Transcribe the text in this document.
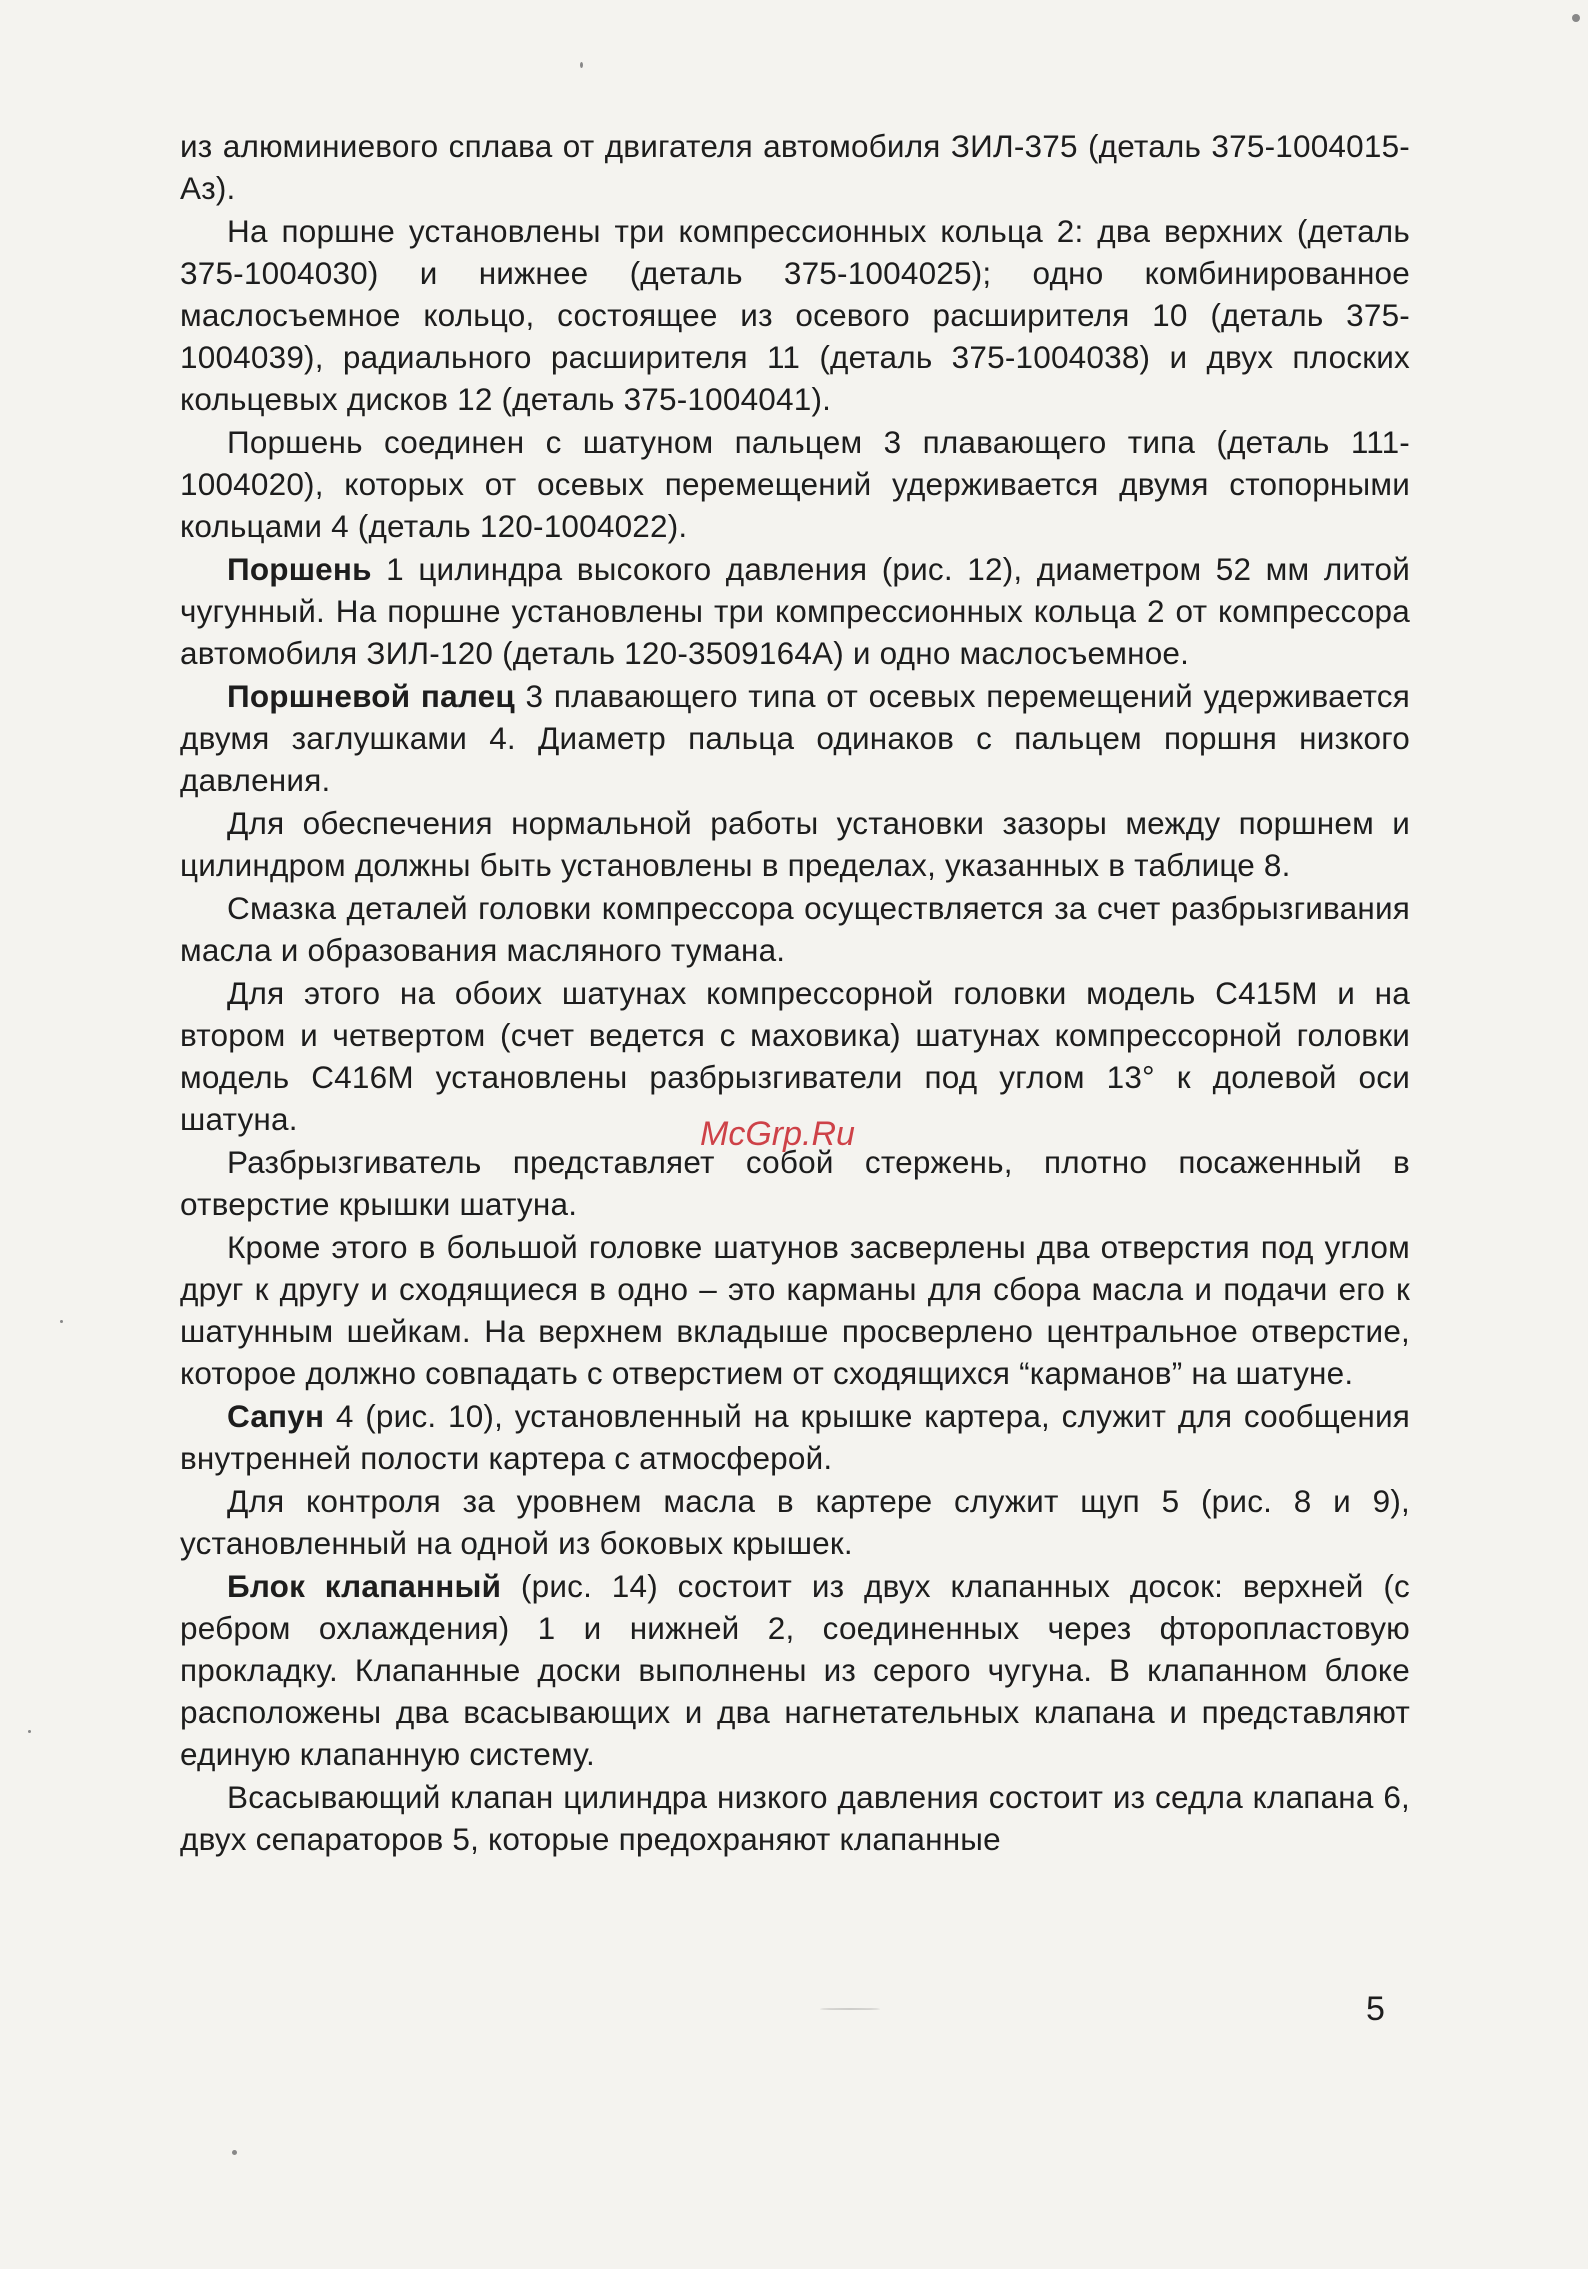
из алюминиевого сплава от двигателя автомобиля ЗИЛ-375 (деталь 375-1004015-Аз).

На поршне установлены три компрессионных кольца 2: два верхних (деталь 375-1004030) и нижнее (деталь 375-1004025); одно комбинированное маслосъемное кольцо, состоящее из осевого расширителя 10 (деталь 375-1004039), радиального расширителя 11 (деталь 375-1004038) и двух плоских кольцевых дисков 12 (деталь 375-1004041).

Поршень соединен с шатуном пальцем 3 плавающего типа (деталь 111-1004020), которых от осевых перемещений удерживается двумя стопорными кольцами 4 (деталь 120-1004022).

Поршень 1 цилиндра высокого давления (рис. 12), диаметром 52 мм литой чугунный. На поршне установлены три компрессионных кольца 2 от компрессора автомобиля ЗИЛ-120 (деталь 120-3509164А) и одно маслосъемное.

Поршневой палец 3 плавающего типа от осевых перемещений удерживается двумя заглушками 4. Диаметр пальца одинаков с пальцем поршня низкого давления.

Для обеспечения нормальной работы установки зазоры между поршнем и цилиндром должны быть установлены в пределах, указанных в таблице 8.

Смазка деталей головки компрессора осуществляется за счет разбрызгивания масла и образования масляного тумана.

Для этого на обоих шатунах компрессорной головки модель С415М и на втором и четвертом (счет ведется с маховика) шатунах компрессорной головки модель С416М установлены разбрызгиватели под углом 13° к долевой оси шатуна.

Разбрызгиватель представляет собой стержень, плотно посаженный в отверстие крышки шатуна.

Кроме этого в большой головке шатунов засверлены два отверстия под углом друг к другу и сходящиеся в одно – это карманы для сбора масла и подачи его к шатунным шейкам. На верхнем вкладыше просверлено центральное отверстие, которое должно совпадать с отверстием от сходящихся “карманов” на шатуне.

Сапун 4 (рис. 10), установленный на крышке картера, служит для сообщения внутренней полости картера с атмосферой.

Для контроля за уровнем масла в картере служит щуп 5 (рис. 8 и 9), установленный на одной из боковых крышек.

Блок клапанный (рис. 14) состоит из двух клапанных досок: верхней (с ребром охлаждения) 1 и нижней 2, соединенных через фторопластовую прокладку. Клапанные доски выполнены из серого чугуна. В клапанном блоке расположены два всасывающих и два нагнетательных клапана и представляют единую клапанную систему.

Всасывающий клапан цилиндра низкого давления состоит из седла клапана 6, двух сепараторов 5, которые предохраняют клапанные

McGrp.Ru
5
